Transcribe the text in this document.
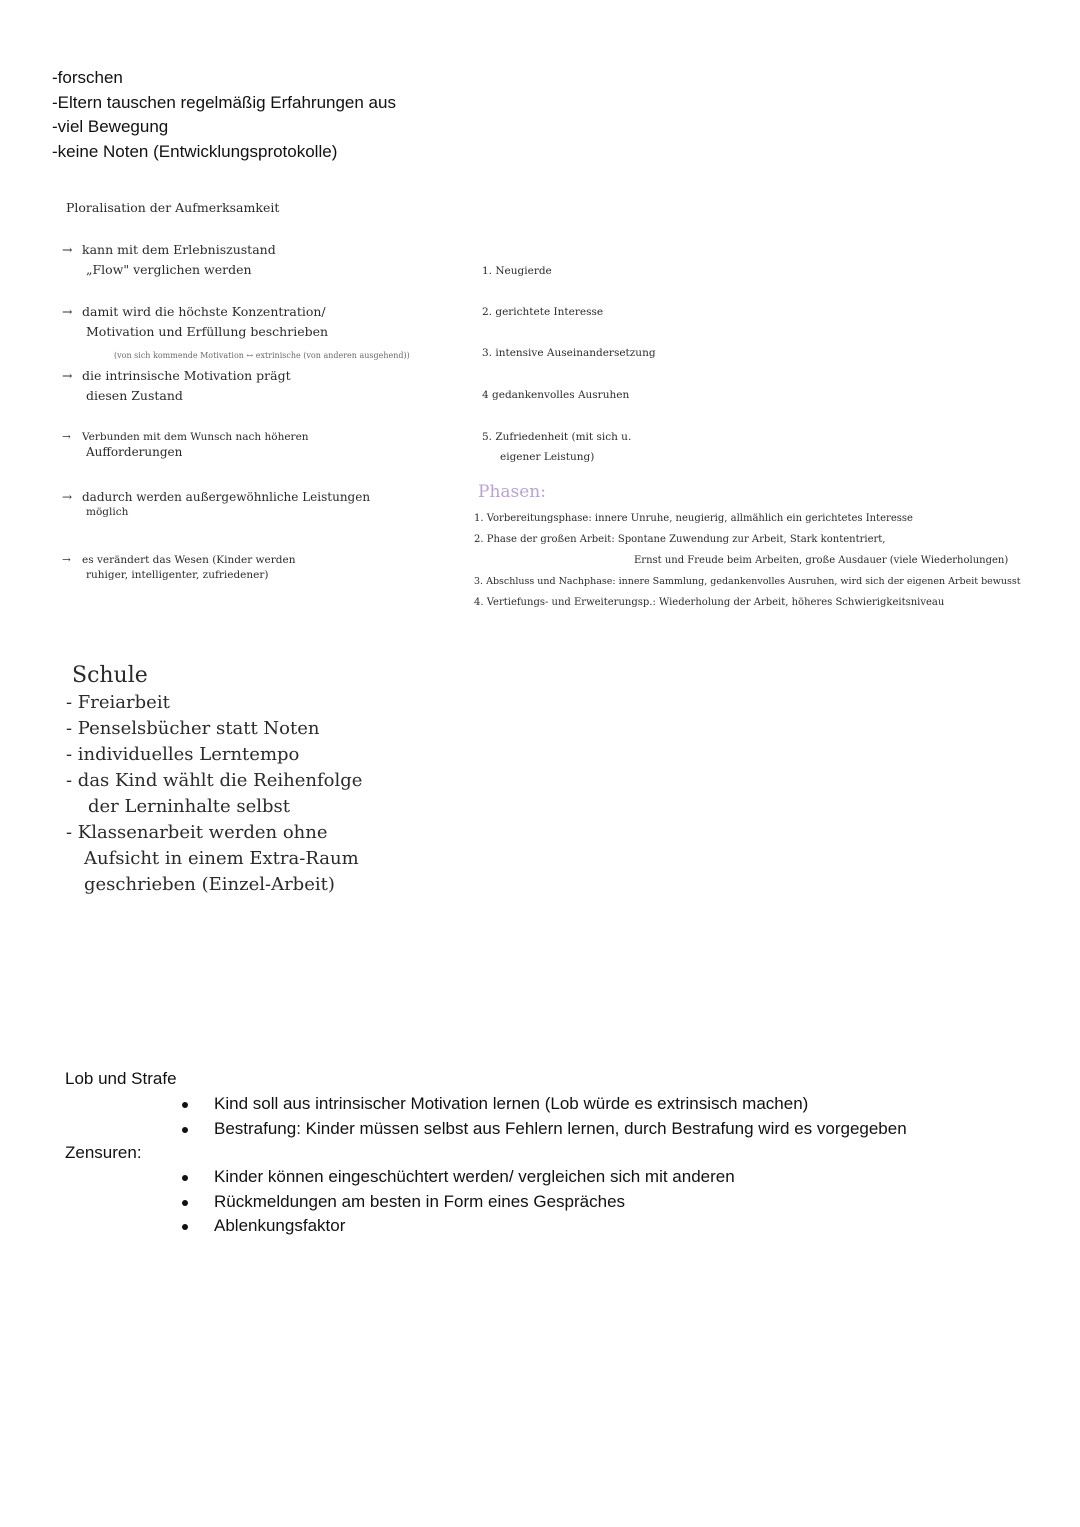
-forschen
-Eltern tauschen regelmäßig Erfahrungen aus
-viel Bewegung
-keine Noten (Entwicklungsprotokolle)
Ploralisation der Aufmerksamkeit
→ kann mit dem Erlebniszustand
„Flow" verglichen werden
→ damit wird die höchste Konzentration/
Motivation und Erfüllung beschrieben
(von sich kommende Motivation ↔ extrinische (von anderen ausgehend))
→ die intrinsische Motivation prägt
diesen Zustand
→ Verbunden mit dem Wunsch nach höheren
Aufforderungen
→ dadurch werden außergewöhnliche Leistungen
möglich
→ es verändert das Wesen (Kinder werden
ruhiger, intelligenter, zufriedener)
1. Neugierde
2. gerichtete Interesse
3. intensive Auseinandersetzung
4 gedankenvolles Ausruhen
5. Zufriedenheit (mit sich u.
eigener Leistung)
Phasen:
1. Vorbereitungsphase: innere Unruhe, neugierig, allmählich ein gerichtetes Interesse
2. Phase der großen Arbeit: Spontane Zuwendung zur Arbeit, Stark kontentriert,
Ernst und Freude beim Arbeiten, große Ausdauer (viele Wiederholungen)
3. Abschluss und Nachphase: innere Sammlung, gedankenvolles Ausruhen, wird sich der eigenen Arbeit bewusst
4. Vertiefungs- und Erweiterungsp.: Wiederholung der Arbeit, höheres Schwierigkeitsniveau
Schule
- Freiarbeit
- Penselsbücher statt Noten
- individuelles Lerntempo
- das Kind wählt die Reihenfolge
der Lerninhalte selbst
- Klassenarbeit werden ohne
Aufsicht in einem Extra-Raum
geschrieben (Einzel-Arbeit)
Lob und Strafe
Kind soll aus intrinsischer Motivation lernen (Lob würde es extrinsisch machen)
Bestrafung: Kinder müssen selbst aus Fehlern lernen, durch Bestrafung wird es vorgegeben
Zensuren:
Kinder können eingeschüchtert werden/ vergleichen sich mit anderen
Rückmeldungen am besten in Form eines Gespräches
Ablenkungsfaktor
